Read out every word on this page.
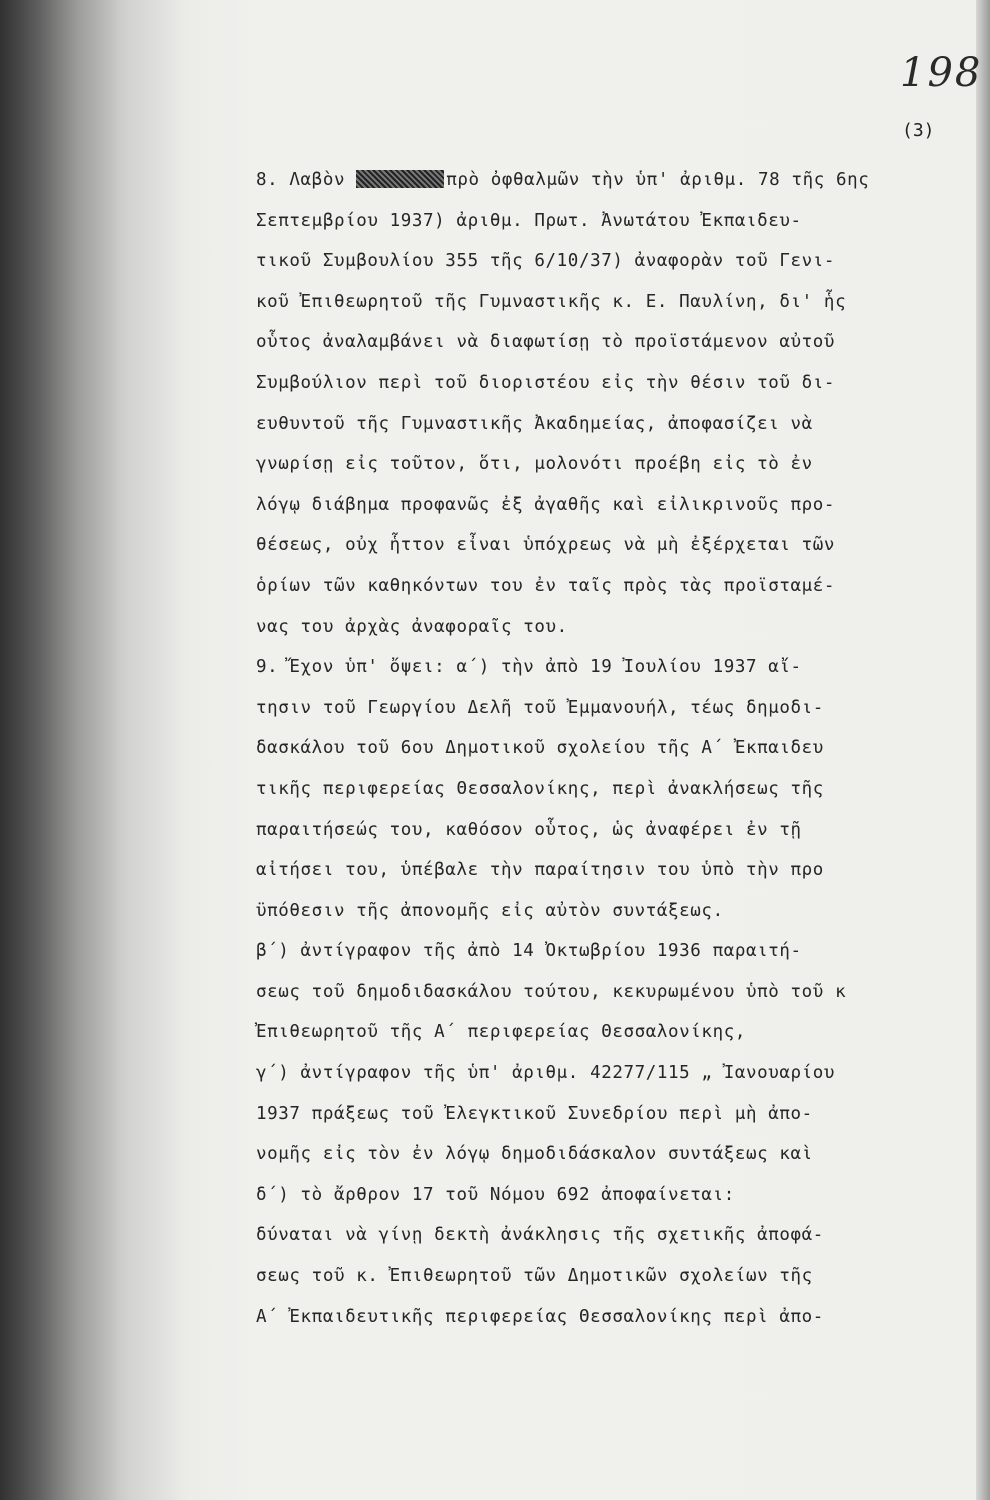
198
(3)
8. Λαβὸν	πρὸ ὀφθαλμῶν τὴν ὑπ' ἀριθμ. 78 τῆς 6ης
Σεπτεμβρίου 1937) ἀριθμ. Πρωτ. Ἀνωτάτου Ἐκπαιδευ-
τικοῦ Συμβουλίου 355 τῆς 6/10/37) ἀναφορὰν τοῦ Γενι-
κοῦ Ἐπιθεωρητοῦ τῆς Γυμναστικῆς κ. Ε. Παυλίνη, δι' ἧς
οὗτος ἀναλαμβάνει νὰ διαφωτίσῃ τὸ προϊστάμενον αὐτοῦ
Συμβούλιον περὶ τοῦ διοριστέου εἰς τὴν θέσιν τοῦ δι-
ευθυντοῦ τῆς Γυμναστικῆς Ἀκαδημείας, ἀποφασίζει νὰ
γνωρίσῃ εἰς τοῦτον, ὅτι, μολονότι προέβη εἰς τὸ ἐν
λόγῳ διάβημα προφανῶς ἐξ ἀγαθῆς καὶ εἰλικρινοῦς προ-
θέσεως, οὐχ ἧττον εἶναι ὑπόχρεως νὰ μὴ ἐξέρχεται τῶν
ὁρίων τῶν καθηκόντων του ἐν ταῖς πρὸς τὰς προϊσταμέ-
νας του ἀρχὰς ἀναφοραῖς του.
9. Ἔχον ὑπ' ὄψει: α΄) τὴν ἀπὸ 19 Ἰουλίου 1937 αἴ-
τησιν τοῦ Γεωργίου Δελῆ τοῦ Ἐμμανουήλ, τέως δημοδι-
δασκάλου τοῦ 6ου Δημοτικοῦ σχολείου τῆς Α΄ Ἐκπαιδευ
τικῆς περιφερείας Θεσσαλονίκης, περὶ ἀνακλήσεως τῆς
παραιτήσεώς του, καθόσον οὗτος, ὡς ἀναφέρει ἐν τῇ
αἰτήσει του, ὑπέβαλε τὴν παραίτησιν του ὑπὸ τὴν προ
ϋπόθεσιν τῆς ἀπονομῆς εἰς αὐτὸν συντάξεως.
β΄) ἀντίγραφον τῆς ἀπὸ 14 Ὀκτωβρίου 1936 παραιτή-
σεως τοῦ δημοδιδασκάλου τούτου, κεκυρωμένου ὑπὸ τοῦ κ
Ἐπιθεωρητοῦ τῆς Α΄ περιφερείας Θεσσαλονίκης,
γ΄) ἀντίγραφον τῆς ὑπ' ἀριθμ. 42277/115 „ Ἰανουαρίου
1937 πράξεως τοῦ Ἐλεγκτικοῦ Συνεδρίου περὶ μὴ ἀπο-
νομῆς εἰς τὸν ἐν λόγῳ δημοδιδάσκαλον συντάξεως καὶ
δ΄) τὸ ἄρθρον 17 τοῦ Νόμου 692 ἀποφαίνεται:
δύναται νὰ γίνῃ δεκτὴ ἀνάκλησις τῆς σχετικῆς ἀποφά-
σεως τοῦ κ. Ἐπιθεωρητοῦ τῶν Δημοτικῶν σχολείων τῆς
Α΄ Ἐκπαιδευτικῆς περιφερείας Θεσσαλονίκης περὶ ἀπο-
